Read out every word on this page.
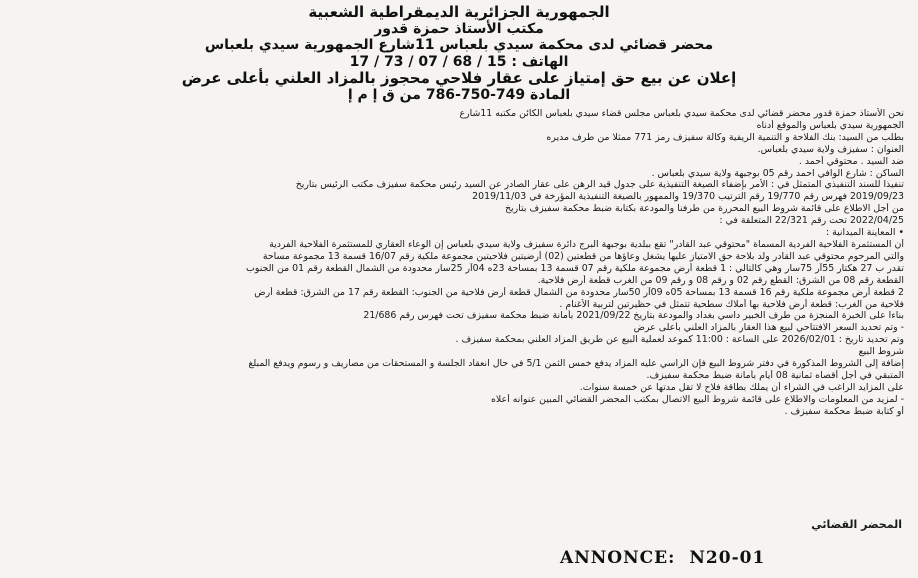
الجمهورية الجزائرية الديمقراطية الشعبية
مكتب الأستاذ حمزة قدور
محضر قضائي لدى محكمة سيدي بلعباس 11شارع الجمهورية سيدي بلعباس
الهاتف : 15 / 68 / 07 / 73 / 17
إعلان عن بيع حق إمتياز على عقار فلاحي محجوز بالمزاد العلني بأعلى عرض
المادة 749-750-786 من ق إ م إ

نحن الأستاذ حمزة قدور محضر قضائي لدى محكمة سيدي بلعباس مجلس قضاء سيدي بلعباس الكائن مكتبه 11شارع

الجمهورية سيدي بلعباس والموقع أدناه

بطلب من السيد: بنك الفلاحة و التنمية الريفية وكالة سفيزف رمز 771 ممثلا من طرف مديره

العنوان : سفيزف ولاية سيدي بلعباس.

ضد السيد . محتوقي أحمد .

الساكن : شارع الوافي احمد رقم 05 بوجبهة ولاية سيدي بلعباس .

تنفيذا للسند التنفيذي المتمثل في : الأمر بإضفاء الصيغة التنفيذية على جدول قيد الرهن على عقار الصادر عن السيد رئيس محكمة سفيزف مكتب الرئيس بتاريخ

2019/09/23 فهرس رقم 19/770 رقم الترتيب 19/370 والممهور بالصيغة التنفيذية المؤرخة في 2019/11/03

من أجل الاطلاع على قائمة شروط البيع المحررة من طرفنا والمودعة بكتابة ضبط محكمة سفيزف بتاريخ

2022/04/25 تحت رقم 22/321 المتعلقة في :

• المعاينة الميدانية :

أن المستثمرة الفلاحية الفردية المسماة "محتوقي عبد القادر" تقع ببلدية بوجبهة البرج دائرة سفيزف ولاية سيدي بلعباس إن الوعاء العقاري للمستثمرة الفلاحية الفردية

والتي المرحوم محتوقي عبد القادر ولد بلاحة حق الامتياز عليها يشغل وعاؤها من قطعتين (02) أرضيتين فلاحيتين مجموعة ملكية رقم 16/07 قسمة 13 مجموعة مساحة

تقدر ب 27 هكتار 55آر 75سار وهي كالتالي : 1 قطعة أرض مجموعة ملكية رقم 07 قسمة 13 بمساحة 23ه 04آر 25سار محدودة من الشمال القطعة رقم 01 من الجنوب

القطعة رقم 08 من الشرق: القطع رقم 02 و رقم 08 و رقم 09 من الغرب قطعة أرض فلاحية.

2 قطعة أرض مجموعة ملكية رقم 16 قسمة 13 بمساحة 05ه 09آر 50سار محدودة من الشمال قطعة أرض فلاحية من الجنوب: القطعة رقم 17 من الشرق: قطعة أرض

فلاحية من الغرب: قطعة أرض فلاحية بها أملاك سطحية تتمثل في حظيرتين لتربية الأغنام .

بناءا على الخبرة المنجزة من طرف الخبير داسي بغداد والمودعة بتاريخ 2021/09/22 بأمانة ضبط محكمة سفيزف تحت فهرس رقم 21/686

- وتم تحديد السعر الافتتاحي لبيع هذا العقار بالمزاد العلني بأعلى عرض

وتم تحديد تاريخ : 2026/02/01 على الساعة : 11:00 كموعد لعملية البيع عن طريق المزاد العلني بمحكمة سفيزف .

شروط البيع

إضافة إلى الشروط المذكورة في دفتر شروط البيع فإن الراسي عليه المزاد يدفع خمس الثمن 5/1 في حال انعقاد الجلسة و المستحقات من مصاريف و رسوم ويدفع المبلغ

المتبقي في أجل أقصاه ثمانية 08 أيام بأمانة ضبط محكمة سفيزف.

على المزايد الراغب في الشراء أن يملك بطاقة فلاح لا تقل مدتها عن خمسة سنوات.

- لمزيد من المعلومات والاطلاع على قائمة شروط البيع الاتصال بمكتب المحضر القضائي المبين عنوانه أعلاه

أو كتابة ضبط محكمة سفيزف .

المحضر القضائي
ANNONCE: N20-01
